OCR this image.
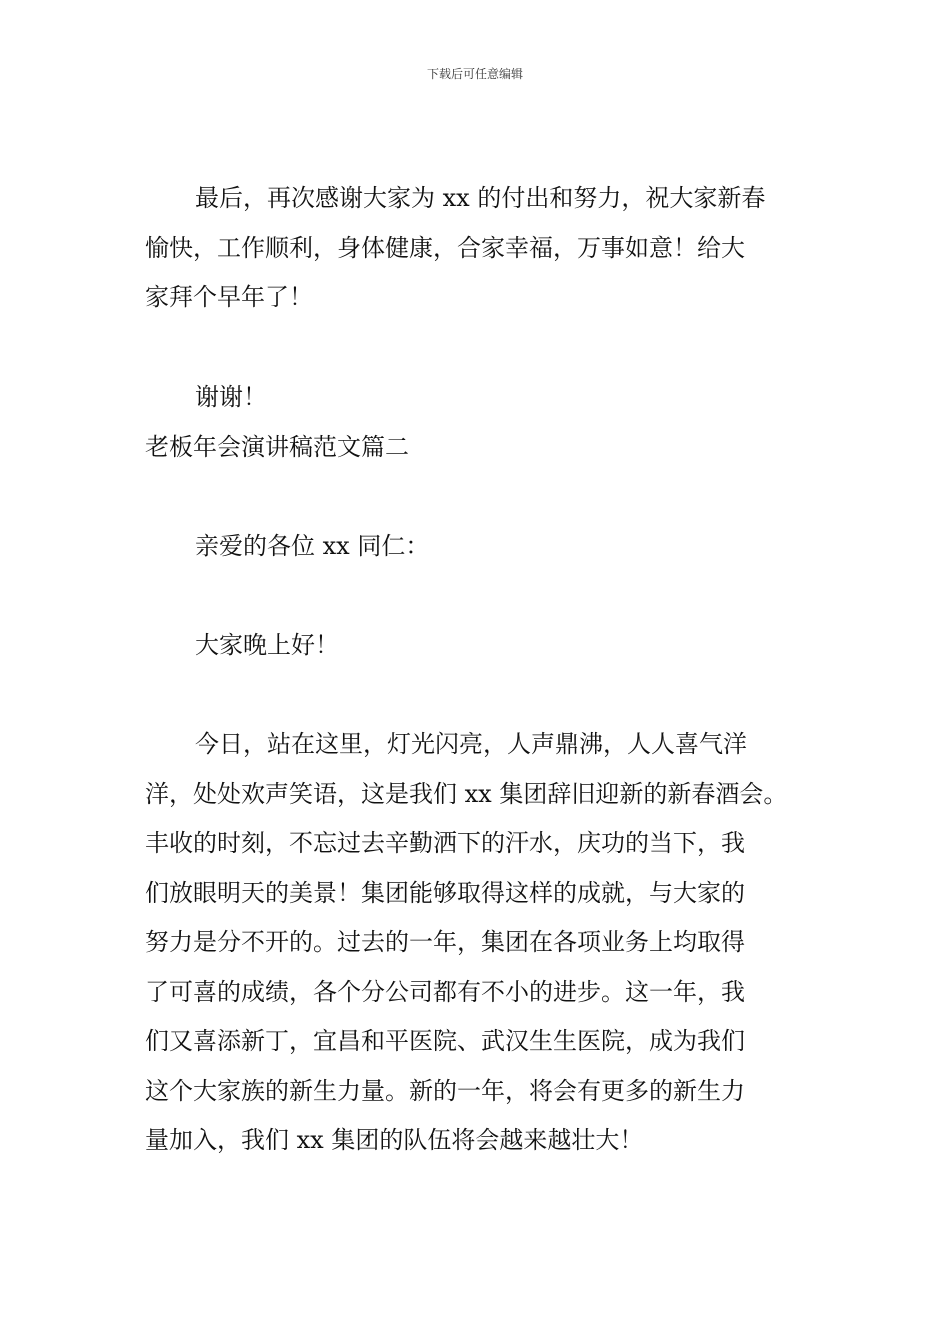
下载后可任意编辑
最后，再次感谢大家为 xx 的付出和努力，祝大家新春
愉快，工作顺利，身体健康，合家幸福，万事如意！给大
家拜个早年了！
谢谢！
老板年会演讲稿范文篇二
亲爱的各位 xx 同仁：
大家晚上好！
今日，站在这里，灯光闪亮，人声鼎沸，人人喜气洋
洋，处处欢声笑语，这是我们 xx 集团辞旧迎新的新春酒会。
丰收的时刻，不忘过去辛勤洒下的汗水，庆功的当下，我
们放眼明天的美景！集团能够取得这样的成就，与大家的
努力是分不开的。过去的一年，集团在各项业务上均取得
了可喜的成绩，各个分公司都有不小的进步。这一年，我
们又喜添新丁，宜昌和平医院、武汉生生医院，成为我们
这个大家族的新生力量。新的一年，将会有更多的新生力
量加入，我们 xx 集团的队伍将会越来越壮大！
